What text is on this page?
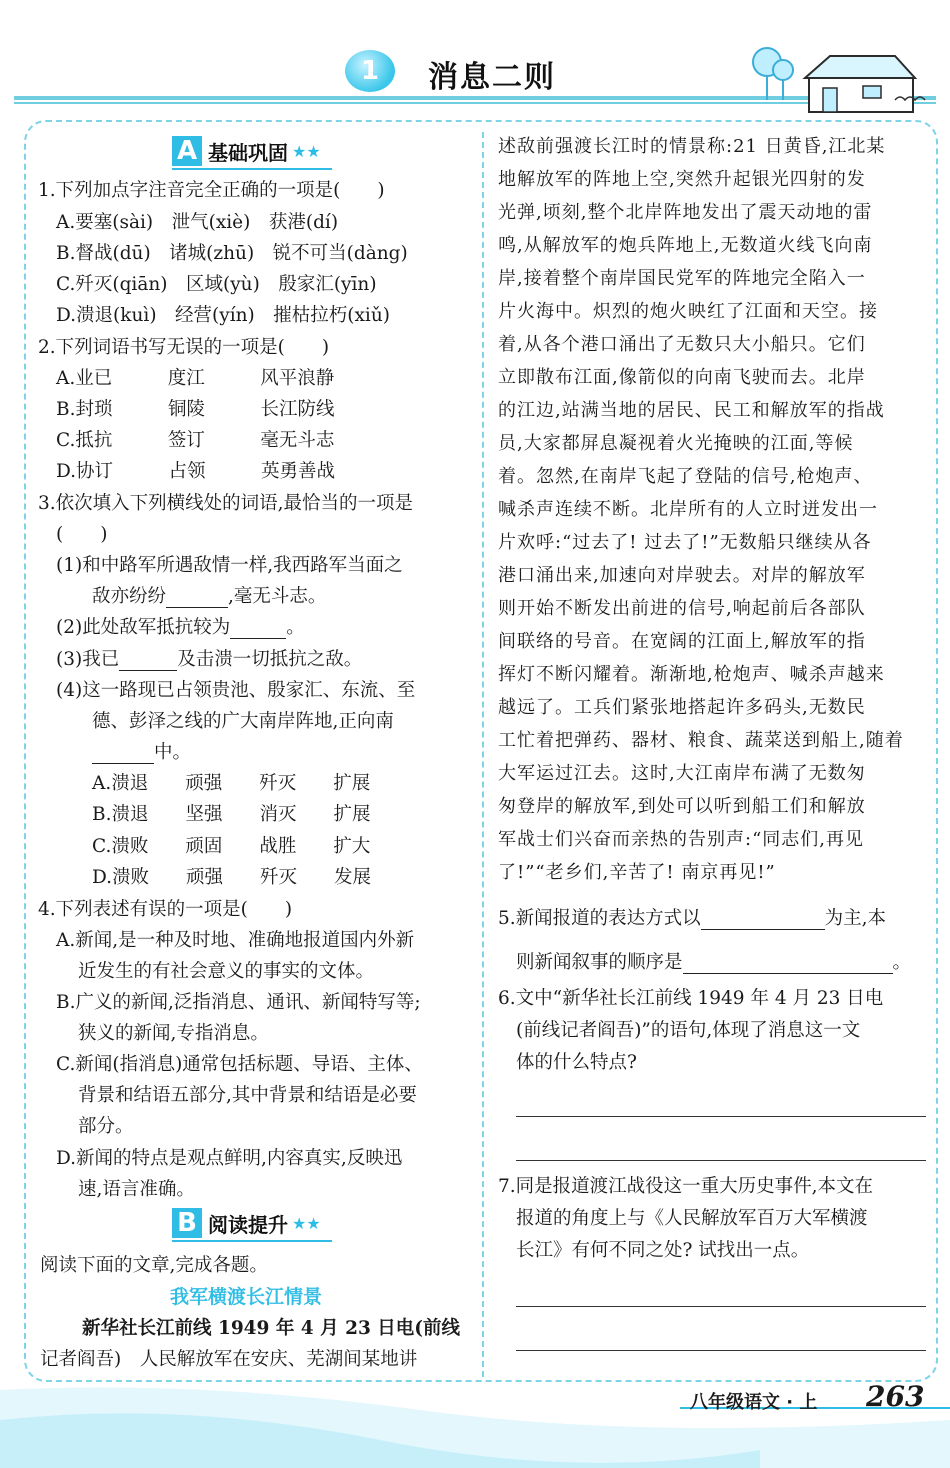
1	消息二则
A 基础巩固 ★★
1.下列加点字注音完全正确的一项是(　　)
A.要塞(sài)　泄气(xiè)　获港(dí)
B.督战(dū)　诸城(zhū)　锐不可当(dàng)
C.歼灭(qiān)　区域(yù)　殷家汇(yīn)
D.溃退(kuì)　经营(yín)　摧枯拉朽(xiǔ)
2.下列词语书写无误的一项是(　　)
A.业已　　　度江　　　风平浪静
B.封琐　　　铜陵　　　长江防线
C.抵抗　　　签订　　　毫无斗志
D.协订　　　占领　　　英勇善战
3.依次填入下列横线处的词语,最恰当的一项是
(　　)
(1)和中路军所遇敌情一样,我西路军当面之
敌亦纷纷	,毫无斗志。
(2)此处敌军抵抗较为	。
(3)我已	及击溃一切抵抗之敌。
(4)这一路现已占领贵池、殷家汇、东流、至
德、彭泽之线的广大南岸阵地,正向南
中。
A.溃退　　顽强　　歼灭　　扩展
B.溃退　　坚强　　消灭　　扩展
C.溃败　　顽固　　战胜　　扩大
D.溃败　　顽强　　歼灭　　发展
4.下列表述有误的一项是(　　)
A.新闻,是一种及时地、准确地报道国内外新
近发生的有社会意义的事实的文体。
B.广义的新闻,泛指消息、通讯、新闻特写等;
狭义的新闻,专指消息。
C.新闻(指消息)通常包括标题、导语、主体、
背景和结语五部分,其中背景和结语是必要
部分。
D.新闻的特点是观点鲜明,内容真实,反映迅
速,语言准确。
阅读下面的文章,完成各题。
新华社长江前线 1949 年 4 月 23 日电(前线
记者阎吾)　人民解放军在安庆、芜湖间某地讲
B 阅读提升 ★★
我军横渡长江情景
述敌前强渡长江时的情景称:21 日黄昏,江北某
地解放军的阵地上空,突然升起银光四射的发
光弹,顷刻,整个北岸阵地发出了震天动地的雷
鸣,从解放军的炮兵阵地上,无数道火线飞向南
岸,接着整个南岸国民党军的阵地完全陷入一
片火海中。炽烈的炮火映红了江面和天空。接
着,从各个港口涌出了无数只大小船只。它们
立即散布江面,像箭似的向南飞驶而去。北岸
的江边,站满当地的居民、民工和解放军的指战
员,大家都屏息凝视着火光掩映的江面,等候
着。忽然,在南岸飞起了登陆的信号,枪炮声、
喊杀声连续不断。北岸所有的人立时迸发出一
片欢呼:“过去了! 过去了!”无数船只继续从各
港口涌出来,加速向对岸驶去。对岸的解放军
则开始不断发出前进的信号,响起前后各部队
间联络的号音。在宽阔的江面上,解放军的指
挥灯不断闪耀着。渐渐地,枪炮声、喊杀声越来
越远了。工兵们紧张地搭起许多码头,无数民
工忙着把弹药、器材、粮食、蔬菜送到船上,随着
大军运过江去。这时,大江南岸布满了无数匆
匆登岸的解放军,到处可以听到船工们和解放
军战士们兴奋而亲热的告别声:“同志们,再见
了!”“老乡们,辛苦了! 南京再见!”
5.新闻报道的表达方式以	为主,本
则新闻叙事的顺序是	。
6.文中“新华社长江前线 1949 年 4 月 23 日电
(前线记者阎吾)”的语句,体现了消息这一文
体的什么特点?
7.同是报道渡江战役这一重大历史事件,本文在
报道的角度上与《人民解放军百万大军横渡
长江》有何不同之处? 试找出一点。
八年级语文 · 上 263
